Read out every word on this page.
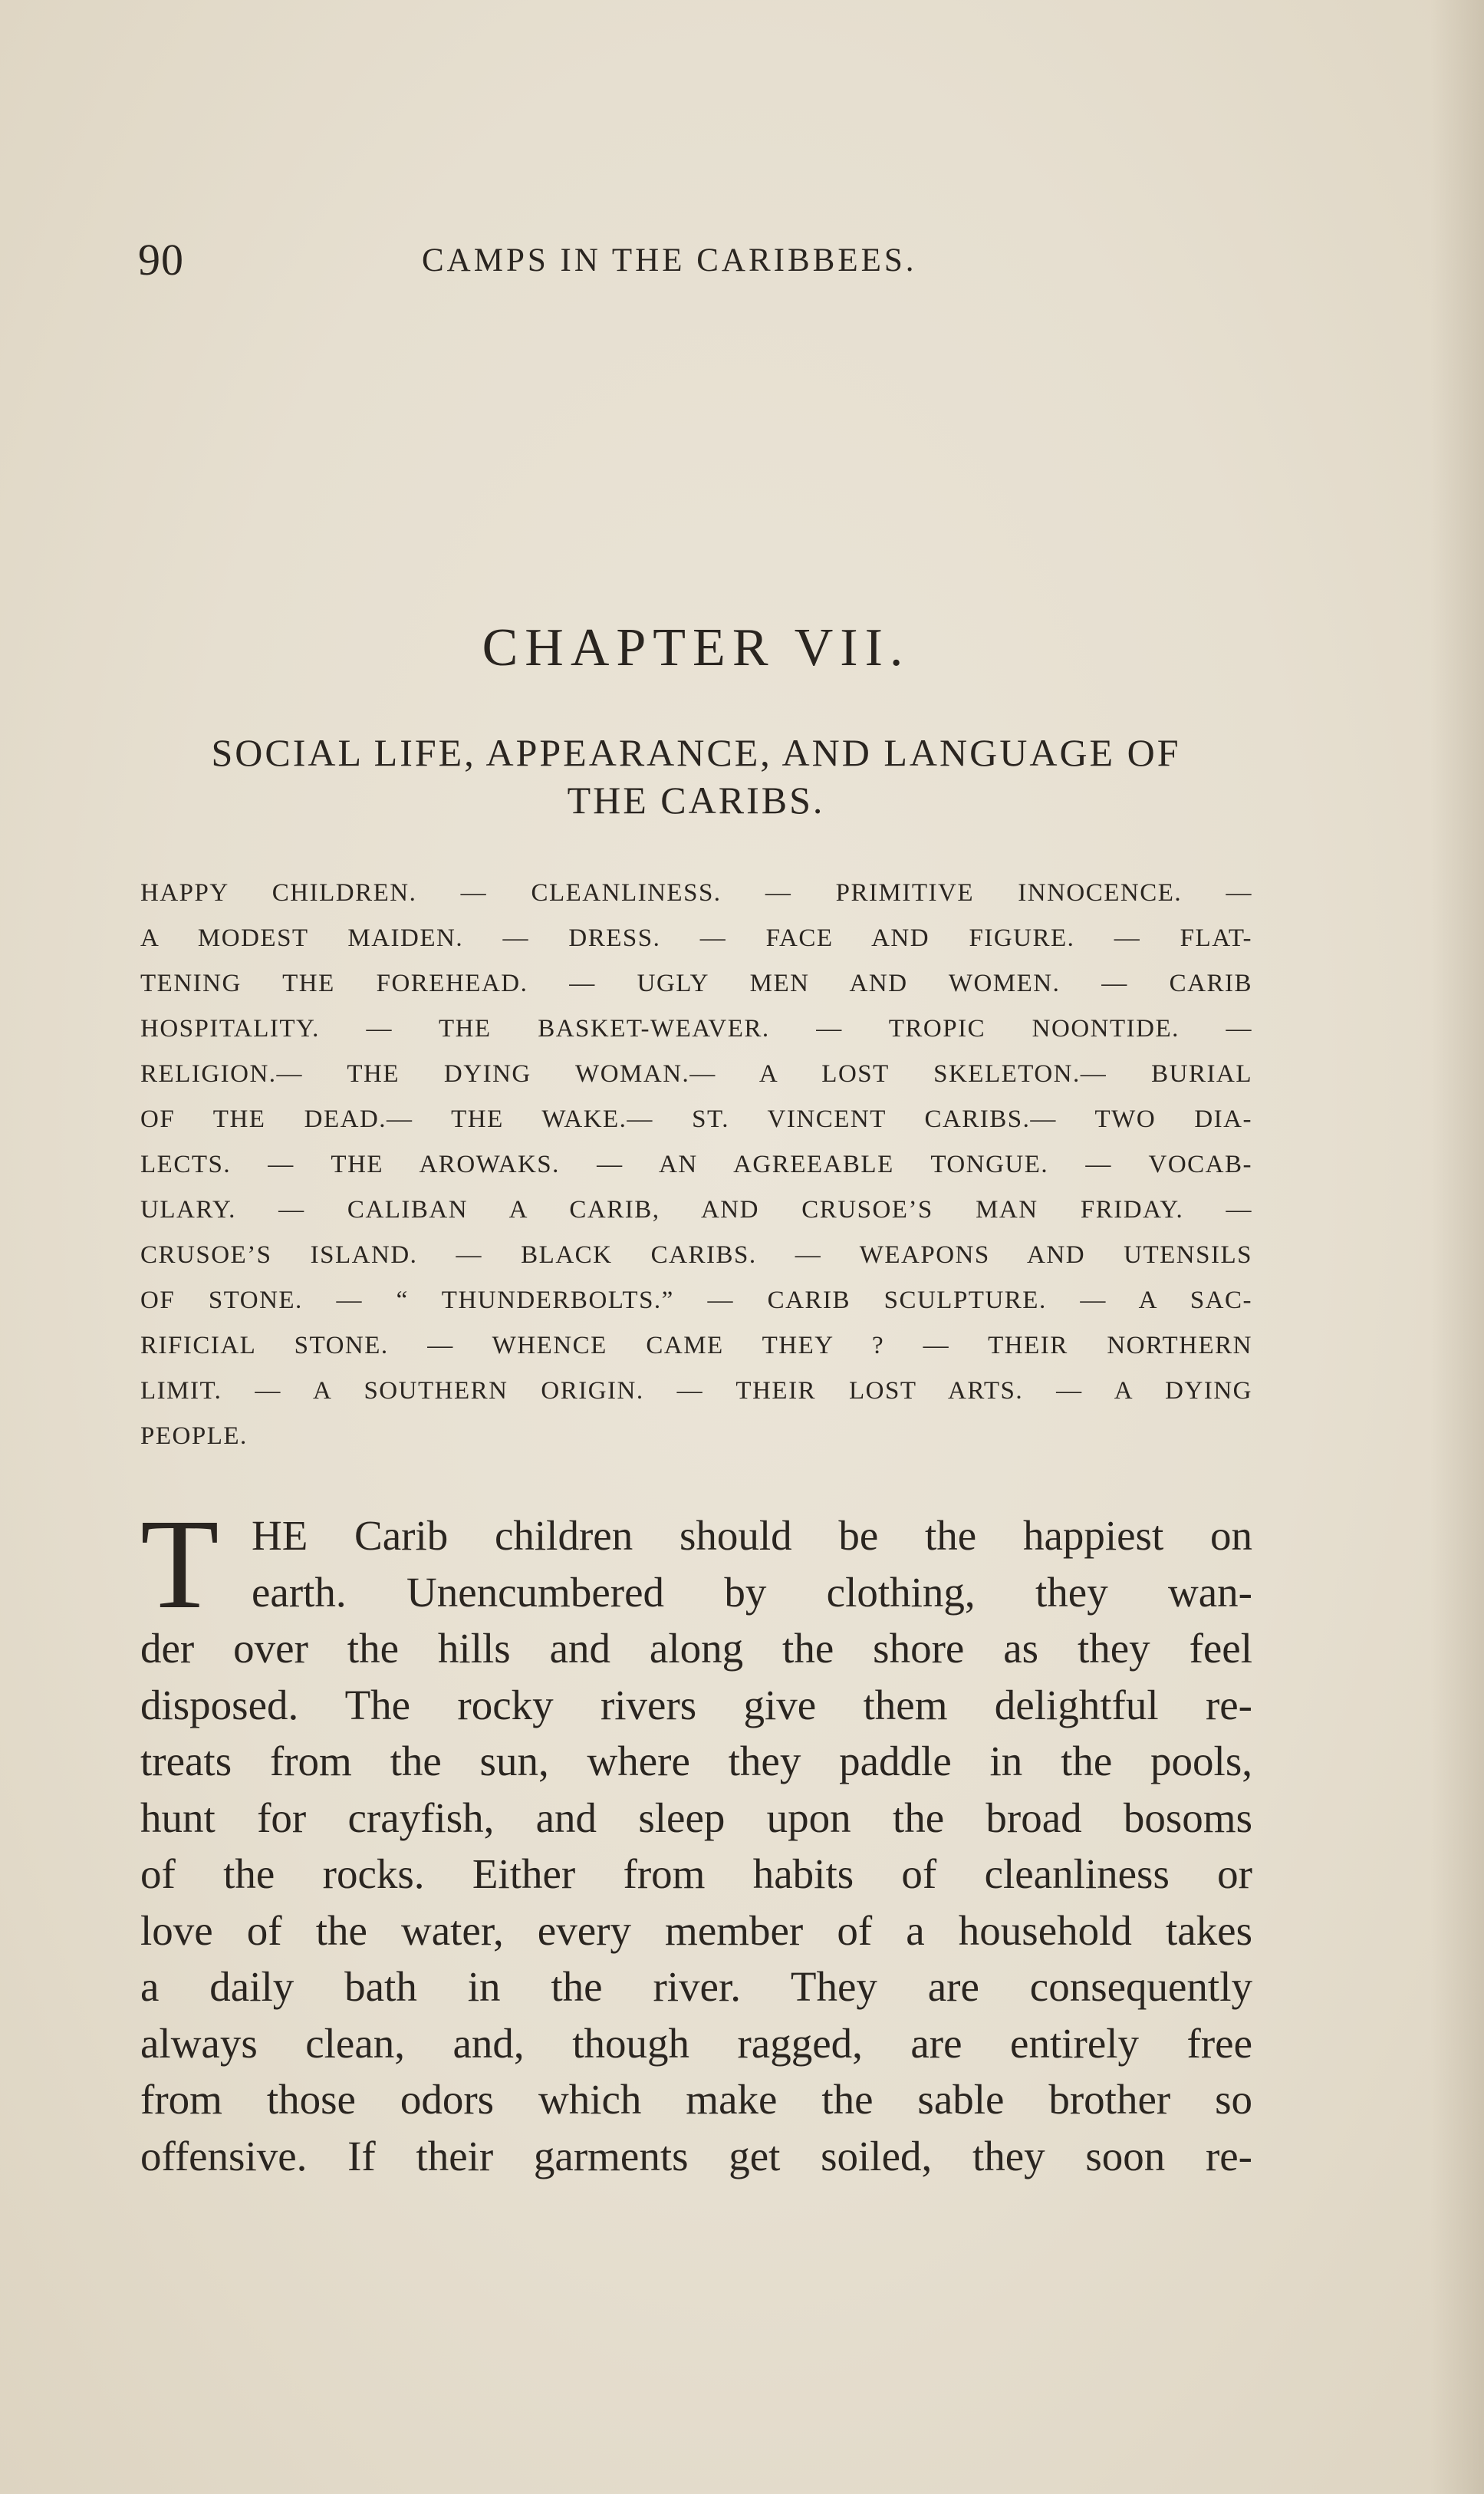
90	CAMPS IN THE CARIBBEES.
CHAPTER VII.
SOCIAL LIFE, APPEARANCE, AND LANGUAGE OF
THE CARIBS.
HAPPY CHILDREN. — CLEANLINESS. — PRIMITIVE INNOCENCE. —
A MODEST MAIDEN. — DRESS. — FACE AND FIGURE. — FLAT-
TENING THE FOREHEAD. — UGLY MEN AND WOMEN. — CARIB
HOSPITALITY. — THE BASKET-WEAVER. — TROPIC NOONTIDE. —
RELIGION.— THE DYING WOMAN.— A LOST SKELETON.— BURIAL
OF THE DEAD.— THE WAKE.— ST. VINCENT CARIBS.— TWO DIA-
LECTS. — THE AROWAKS. — AN AGREEABLE TONGUE. — VOCAB-
ULARY. — CALIBAN A CARIB, AND CRUSOE’S MAN FRIDAY. —
CRUSOE’S ISLAND. — BLACK CARIBS. — WEAPONS AND UTENSILS
OF STONE. — “ THUNDERBOLTS.” — CARIB SCULPTURE. — A SAC-
RIFICIAL STONE. — WHENCE CAME THEY ? — THEIR NORTHERN
LIMIT. — A SOUTHERN ORIGIN. — THEIR LOST ARTS. — A DYING
PEOPLE.
T HE Carib children should be the happiest on
earth. Unencumbered by clothing, they wan-
der over the hills and along the shore as they feel
disposed. The rocky rivers give them delightful re-
treats from the sun, where they paddle in the pools,
hunt for crayfish, and sleep upon the broad bosoms
of the rocks. Either from habits of cleanliness or
love of the water, every member of a household takes
a daily bath in the river. They are consequently
always clean, and, though ragged, are entirely free
from those odors which make the sable brother so
offensive. If their garments get soiled, they soon re-
